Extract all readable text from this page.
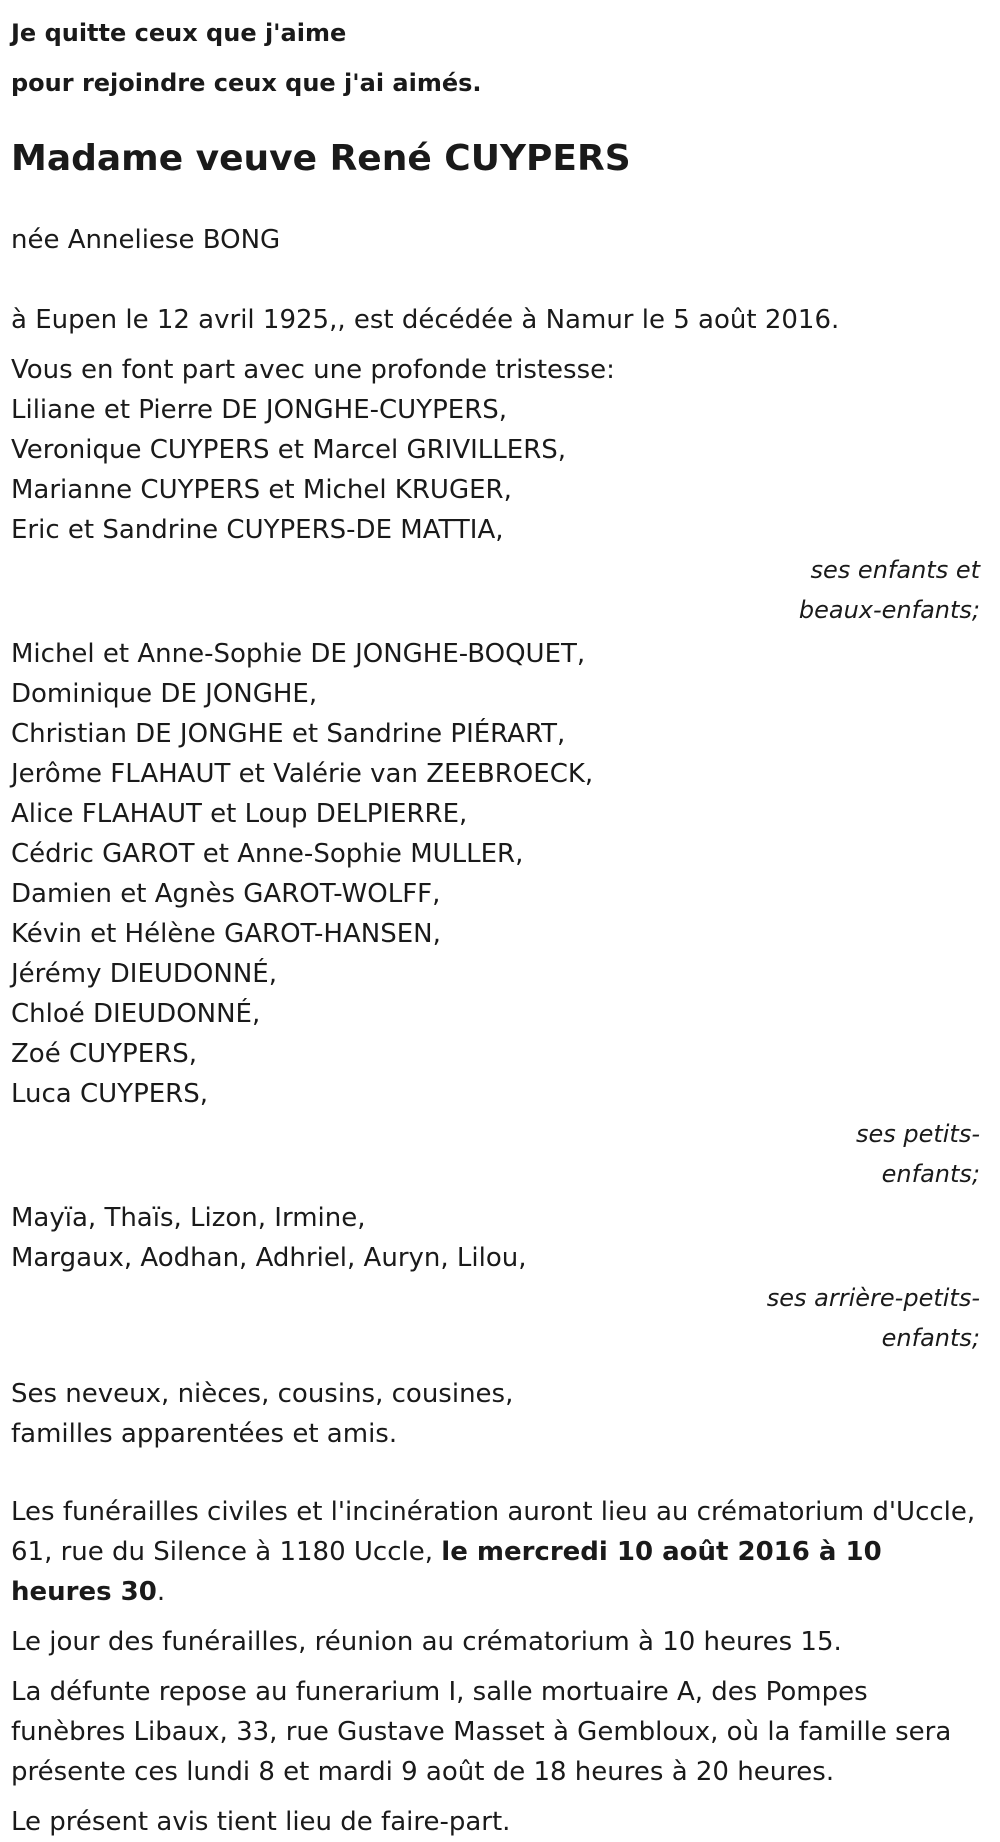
Je quitte ceux que j'aime

pour rejoindre ceux que j'ai aimés.

Madame veuve René CUYPERS

née Anneliese BONG

à Eupen le 12 avril 1925,, est décédée à Namur le 5 août 2016.

Vous en font part avec une profonde tristesse:

Liliane et Pierre DE JONGHE-CUYPERS,
Veronique CUYPERS et Marcel GRIVILLERS,
Marianne CUYPERS et Michel KRUGER,
Eric et Sandrine CUYPERS-DE MATTIA,
ses enfants et
beaux-enfants;
Michel et Anne-Sophie DE JONGHE-BOQUET,
Dominique DE JONGHE,
Christian DE JONGHE et Sandrine PIÉRART,
Jerôme FLAHAUT et Valérie van ZEEBROECK,
Alice FLAHAUT et Loup DELPIERRE,
Cédric GAROT et Anne-Sophie MULLER,
Damien et Agnès GAROT-WOLFF,
Kévin et Hélène GAROT-HANSEN,
Jérémy DIEUDONNÉ,
Chloé DIEUDONNÉ,
Zoé CUYPERS,
Luca CUYPERS,
ses petits-enfants;
Mayïa, Thaïs, Lizon, Irmine,
Margaux, Aodhan, Adhriel, Auryn, Lilou,
ses arrière-petits-
enfants;

Ses neveux, nièces, cousins, cousines,

familles apparentées et amis.

Les funérailles civiles et l'incinération auront lieu au crématorium d'Uccle, 61, rue du Silence à 1180 Uccle, le mercredi 10 août 2016 à 10 heures 30.

Le jour des funérailles, réunion au crématorium à 10 heures 15.

La défunte repose au funerarium I, salle mortuaire A, des Pompes funèbres Libaux, 33, rue Gustave Masset à Gembloux, où la famille sera présente ces lundi 8 et mardi 9 août de 18 heures à 20 heures.

Le présent avis tient lieu de faire-part.
